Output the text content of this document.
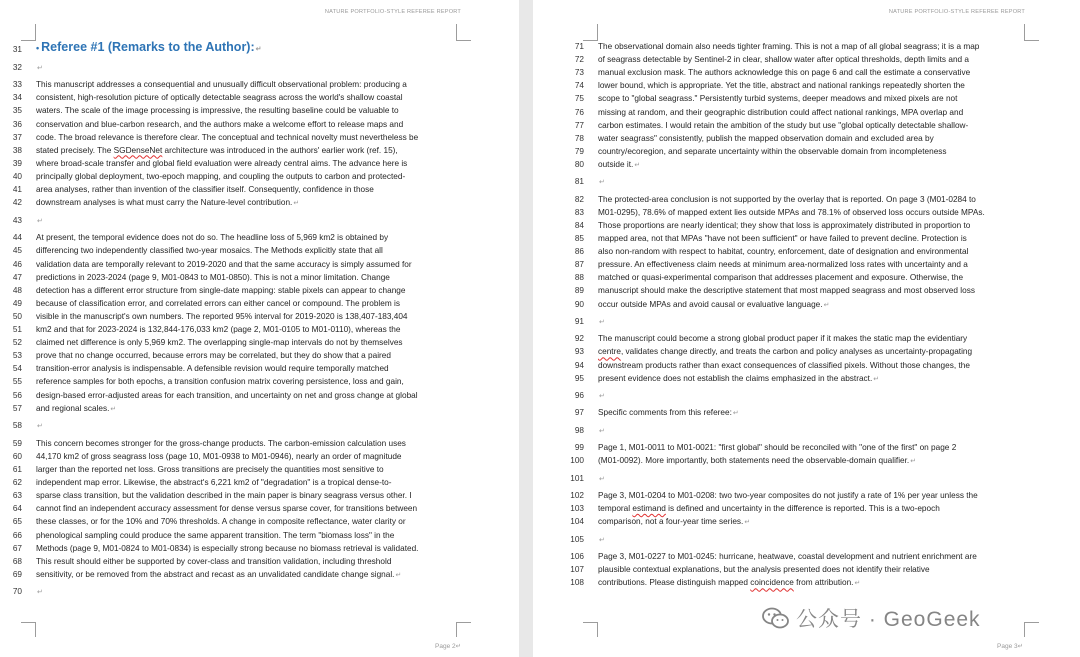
NATURE PORTFOLIO-STYLE REFEREE REPORT
31 • Referee #1 (Remarks to the Author):↵
32 ↵
33 This manuscript addresses a consequential and unusually difficult observational problem: producing a
34 consistent, high-resolution picture of optically detectable seagrass across the world's shallow coastal
35 waters. The scale of the image processing is impressive, the resulting baseline could be valuable to
36 conservation and blue-carbon research, and the authors make a welcome effort to release maps and
37 code. The broad relevance is therefore clear. The conceptual and technical novelty must nevertheless be
38 stated precisely. The SGDenseNet architecture was introduced in the authors' earlier work (ref. 15),
39 where broad-scale transfer and global field evaluation were already central aims. The advance here is
40 principally global deployment, two-epoch mapping, and coupling the outputs to carbon and protected-
41 area analyses, rather than invention of the classifier itself. Consequently, confidence in those
42 downstream analyses is what must carry the Nature-level contribution.↵
43 ↵
44 At present, the temporal evidence does not do so. The headline loss of 5,969 km2 is obtained by
45 differencing two independently classified two-year mosaics. The Methods explicitly state that all
46 validation data are temporally relevant to 2019-2020 and that the same accuracy is simply assumed for
47 predictions in 2023-2024 (page 9, M01-0843 to M01-0850). This is not a minor limitation. Change
48 detection has a different error structure from single-date mapping: stable pixels can appear to change
49 because of classification error, and correlated errors can either cancel or compound. The problem is
50 visible in the manuscript's own numbers. The reported 95% interval for 2019-2020 is 138,407-183,404
51 km2 and that for 2023-2024 is 132,844-176,033 km2 (page 2, M01-0105 to M01-0110), whereas the
52 claimed net difference is only 5,969 km2. The overlapping single-map intervals do not by themselves
53 prove that no change occurred, because errors may be correlated, but they do show that a paired
54 transition-error analysis is indispensable. A defensible revision would require temporally matched
55 reference samples for both epochs, a transition confusion matrix covering persistence, loss and gain,
56 design-based error-adjusted areas for each transition, and uncertainty on net and gross change at global
57 and regional scales.↵
58 ↵
59 This concern becomes stronger for the gross-change products. The carbon-emission calculation uses
60 44,170 km2 of gross seagrass loss (page 10, M01-0938 to M01-0946), nearly an order of magnitude
61 larger than the reported net loss. Gross transitions are precisely the quantities most sensitive to
62 independent map error. Likewise, the abstract's 6,221 km2 of "degradation" is a tropical dense-to-
63 sparse class transition, but the validation described in the main paper is binary seagrass versus other. I
64 cannot find an independent accuracy assessment for dense versus sparse cover, for transitions between
65 these classes, or for the 10% and 70% thresholds. A change in composite reflectance, water clarity or
66 phenological sampling could produce the same apparent transition. The term "biomass loss" in the
67 Methods (page 9, M01-0824 to M01-0834) is especially strong because no biomass retrieval is validated.
68 This result should either be supported by cover-class and transition validation, including threshold
69 sensitivity, or be removed from the abstract and recast as an unvalidated candidate change signal.↵
70 ↵
Page 2↵
NATURE PORTFOLIO-STYLE REFEREE REPORT
71 The observational domain also needs tighter framing. This is not a map of all global seagrass; it is a map
72 of seagrass detectable by Sentinel-2 in clear, shallow water after optical thresholds, depth limits and a
73 manual exclusion mask. The authors acknowledge this on page 6 and call the estimate a conservative
74 lower bound, which is appropriate. Yet the title, abstract and national rankings repeatedly shorten the
75 scope to "global seagrass." Persistently turbid systems, deeper meadows and mixed pixels are not
76 missing at random, and their geographic distribution could affect national rankings, MPA overlap and
77 carbon estimates. I would retain the ambition of the study but use "global optically detectable shallow-
78 water seagrass" consistently, publish the mapped observation domain and excluded area by
79 country/ecoregion, and separate uncertainty within the observable domain from incompleteness
80 outside it.↵
81 ↵
82 The protected-area conclusion is not supported by the overlay that is reported. On page 3 (M01-0284 to
83 M01-0295), 78.6% of mapped extent lies outside MPAs and 78.1% of observed loss occurs outside MPAs.
84 Those proportions are nearly identical; they show that loss is approximately distributed in proportion to
85 mapped area, not that MPAs "have not been sufficient" or have failed to prevent decline. Protection is
86 also non-random with respect to habitat, country, enforcement, date of designation and environmental
87 pressure. An effectiveness claim needs at minimum area-normalized loss rates with uncertainty and a
88 matched or quasi-experimental comparison that addresses placement and exposure. Otherwise, the
89 manuscript should make the descriptive statement that most mapped seagrass and most observed loss
90 occur outside MPAs and avoid causal or evaluative language.↵
91 ↵
92 The manuscript could become a strong global product paper if it makes the static map the evidentiary
93 centre, validates change directly, and treats the carbon and policy analyses as uncertainty-propagating
94 downstream products rather than exact consequences of classified pixels. Without those changes, the
95 present evidence does not establish the claims emphasized in the abstract.↵
96 ↵
97 Specific comments from this referee:↵
98 ↵
99 Page 1, M01-0011 to M01-0021: "first global" should be reconciled with "one of the first" on page 2
100 (M01-0092). More importantly, both statements need the observable-domain qualifier.↵
101 ↵
102 Page 3, M01-0204 to M01-0208: two two-year composites do not justify a rate of 1% per year unless the
103 temporal estimand is defined and uncertainty in the difference is reported. This is a two-epoch
104 comparison, not a four-year time series.↵
105 ↵
106 Page 3, M01-0227 to M01-0245: hurricane, heatwave, coastal development and nutrient enrichment are
107 plausible contextual explanations, but the analysis presented does not identify their relative
108 contributions. Please distinguish mapped coincidence from attribution.↵
Page 3↵
公众号 · GeoGeek
